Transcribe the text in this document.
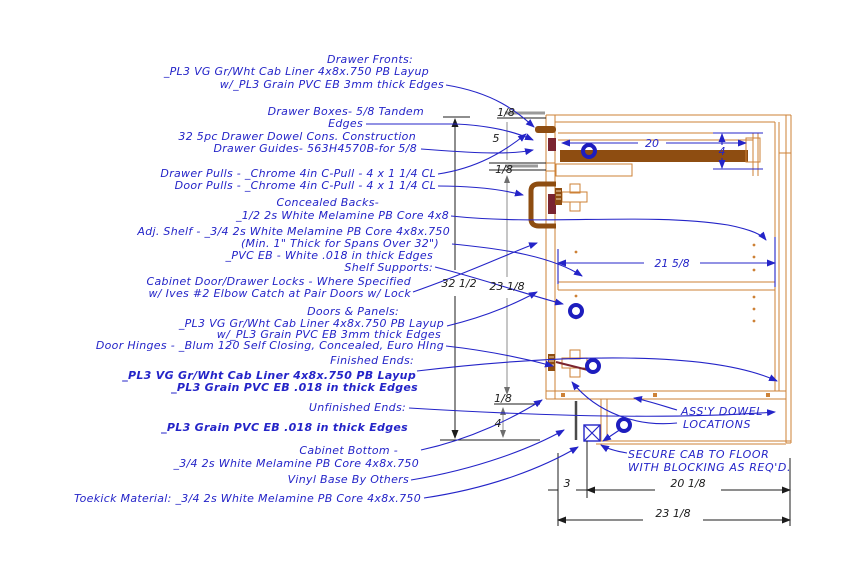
Drawer Fronts:
_PL3 VG Gr/Wht Cab Liner 4x8x.750 PB Layup
w/_PL3 Grain PVC EB 3mm thick Edges
Drawer Boxes- 5/8 Tandem
Edges
32 5pc Drawer Dowel Cons. Construction
Drawer Guides- 563H4570B-for 5/8
Drawer Pulls - _Chrome 4in C-Pull - 4 x 1 1/4 CL
Door Pulls - _Chrome 4in C-Pull - 4 x 1 1/4 CL
Concealed Backs-
_1/2 2s White Melamine PB Core 4x8
Adj. Shelf - _3/4 2s White Melamine PB Core 4x8x.750
(Min. 1" Thick for Spans Over 32")
_PVC EB - White .018 in thick Edges
Shelf Supports:
Cabinet Door/Drawer Locks - Where Specified
w/ Ives #2 Elbow Catch at Pair Doors w/ Lock
Doors & Panels:
_PL3 VG Gr/Wht Cab Liner 4x8x.750 PB Layup
w/_PL3 Grain PVC EB 3mm thick Edges
Door Hinges - _Blum 120 Self Closing, Concealed, Euro HIng
Finished Ends:
_PL3 VG Gr/Wht Cab Liner 4x8x.750 PB Layup
_PL3 Grain PVC EB .018 in thick Edges
Unfinished Ends:
_PL3 Grain PVC EB .018 in thick Edges
Cabinet Bottom -
_3/4 2s White Melamine PB Core 4x8x.750
Vinyl Base By Others
Toekick Material: _3/4 2s White Melamine PB Core 4x8x.750
ASS'Y DOWEL
LOCATIONS
SECURE CAB TO FLOOR
WITH BLOCKING AS REQ'D.
20
4
21 5/8
1/8
5
1/8
32 1/2 23 1/8
1/8
4
3	20 1/8
23 1/8
